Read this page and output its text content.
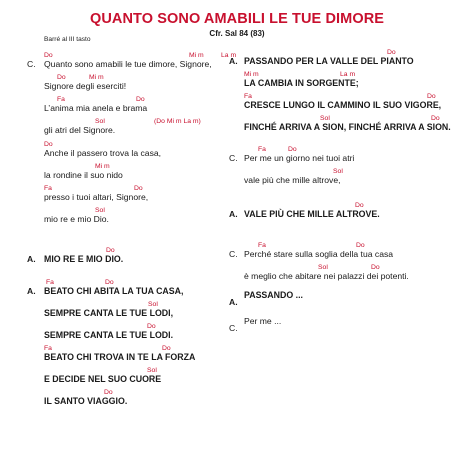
QUANTO SONO AMABILI LE TUE DIMORE
Cfr. Sal 84 (83)
Barré al III tasto
C.
Do	Mi m	La m
Quanto sono amabili le tue dimore, Signore,
Do	Mi m
Signore degli eserciti!
Fa	Do
L’anima mia anela e brama
Sol	(Do Mi m La m)
gli atri del Signore.
Do
Anche il passero trova la casa,
Mi m
la rondine il suo nido
Fa	Do
presso i tuoi altari, Signore,
Sol
mio re e mio Dio.
A.
Do
MIO RE E MIO DIO.
A.
Fa	Do
BEATO CHI ABITA LA TUA CASA,
Sol
SEMPRE CANTA LE TUE LODI,
Do
SEMPRE CANTA LE TUE LODI.
Fa	Do
BEATO CHI TROVA IN TE LA FORZA
Sol
E DECIDE NEL SUO CUORE
Do
IL SANTO VIAGGIO.
A.
Do
PASSANDO PER LA VALLE DEL PIANTO
Mi m	La m
LA CAMBIA IN SORGENTE;
Fa	Do
CRESCE LUNGO IL CAMMINO IL SUO VIGORE,
Sol	Do
FINCHÉ ARRIVA A SION, FINCHÉ ARRIVA A SION.
C.
Fa	Do
Per me un giorno nei tuoi atri
Sol
vale più che mille altrove,
A.
Do
VALE PIÙ CHE MILLE ALTROVE.
C.
Fa	Do
Perché stare sulla soglia della tua casa
Sol	Do
è meglio che abitare nei palazzi dei potenti.
A.
PASSANDO ...
C.
Per me ...
